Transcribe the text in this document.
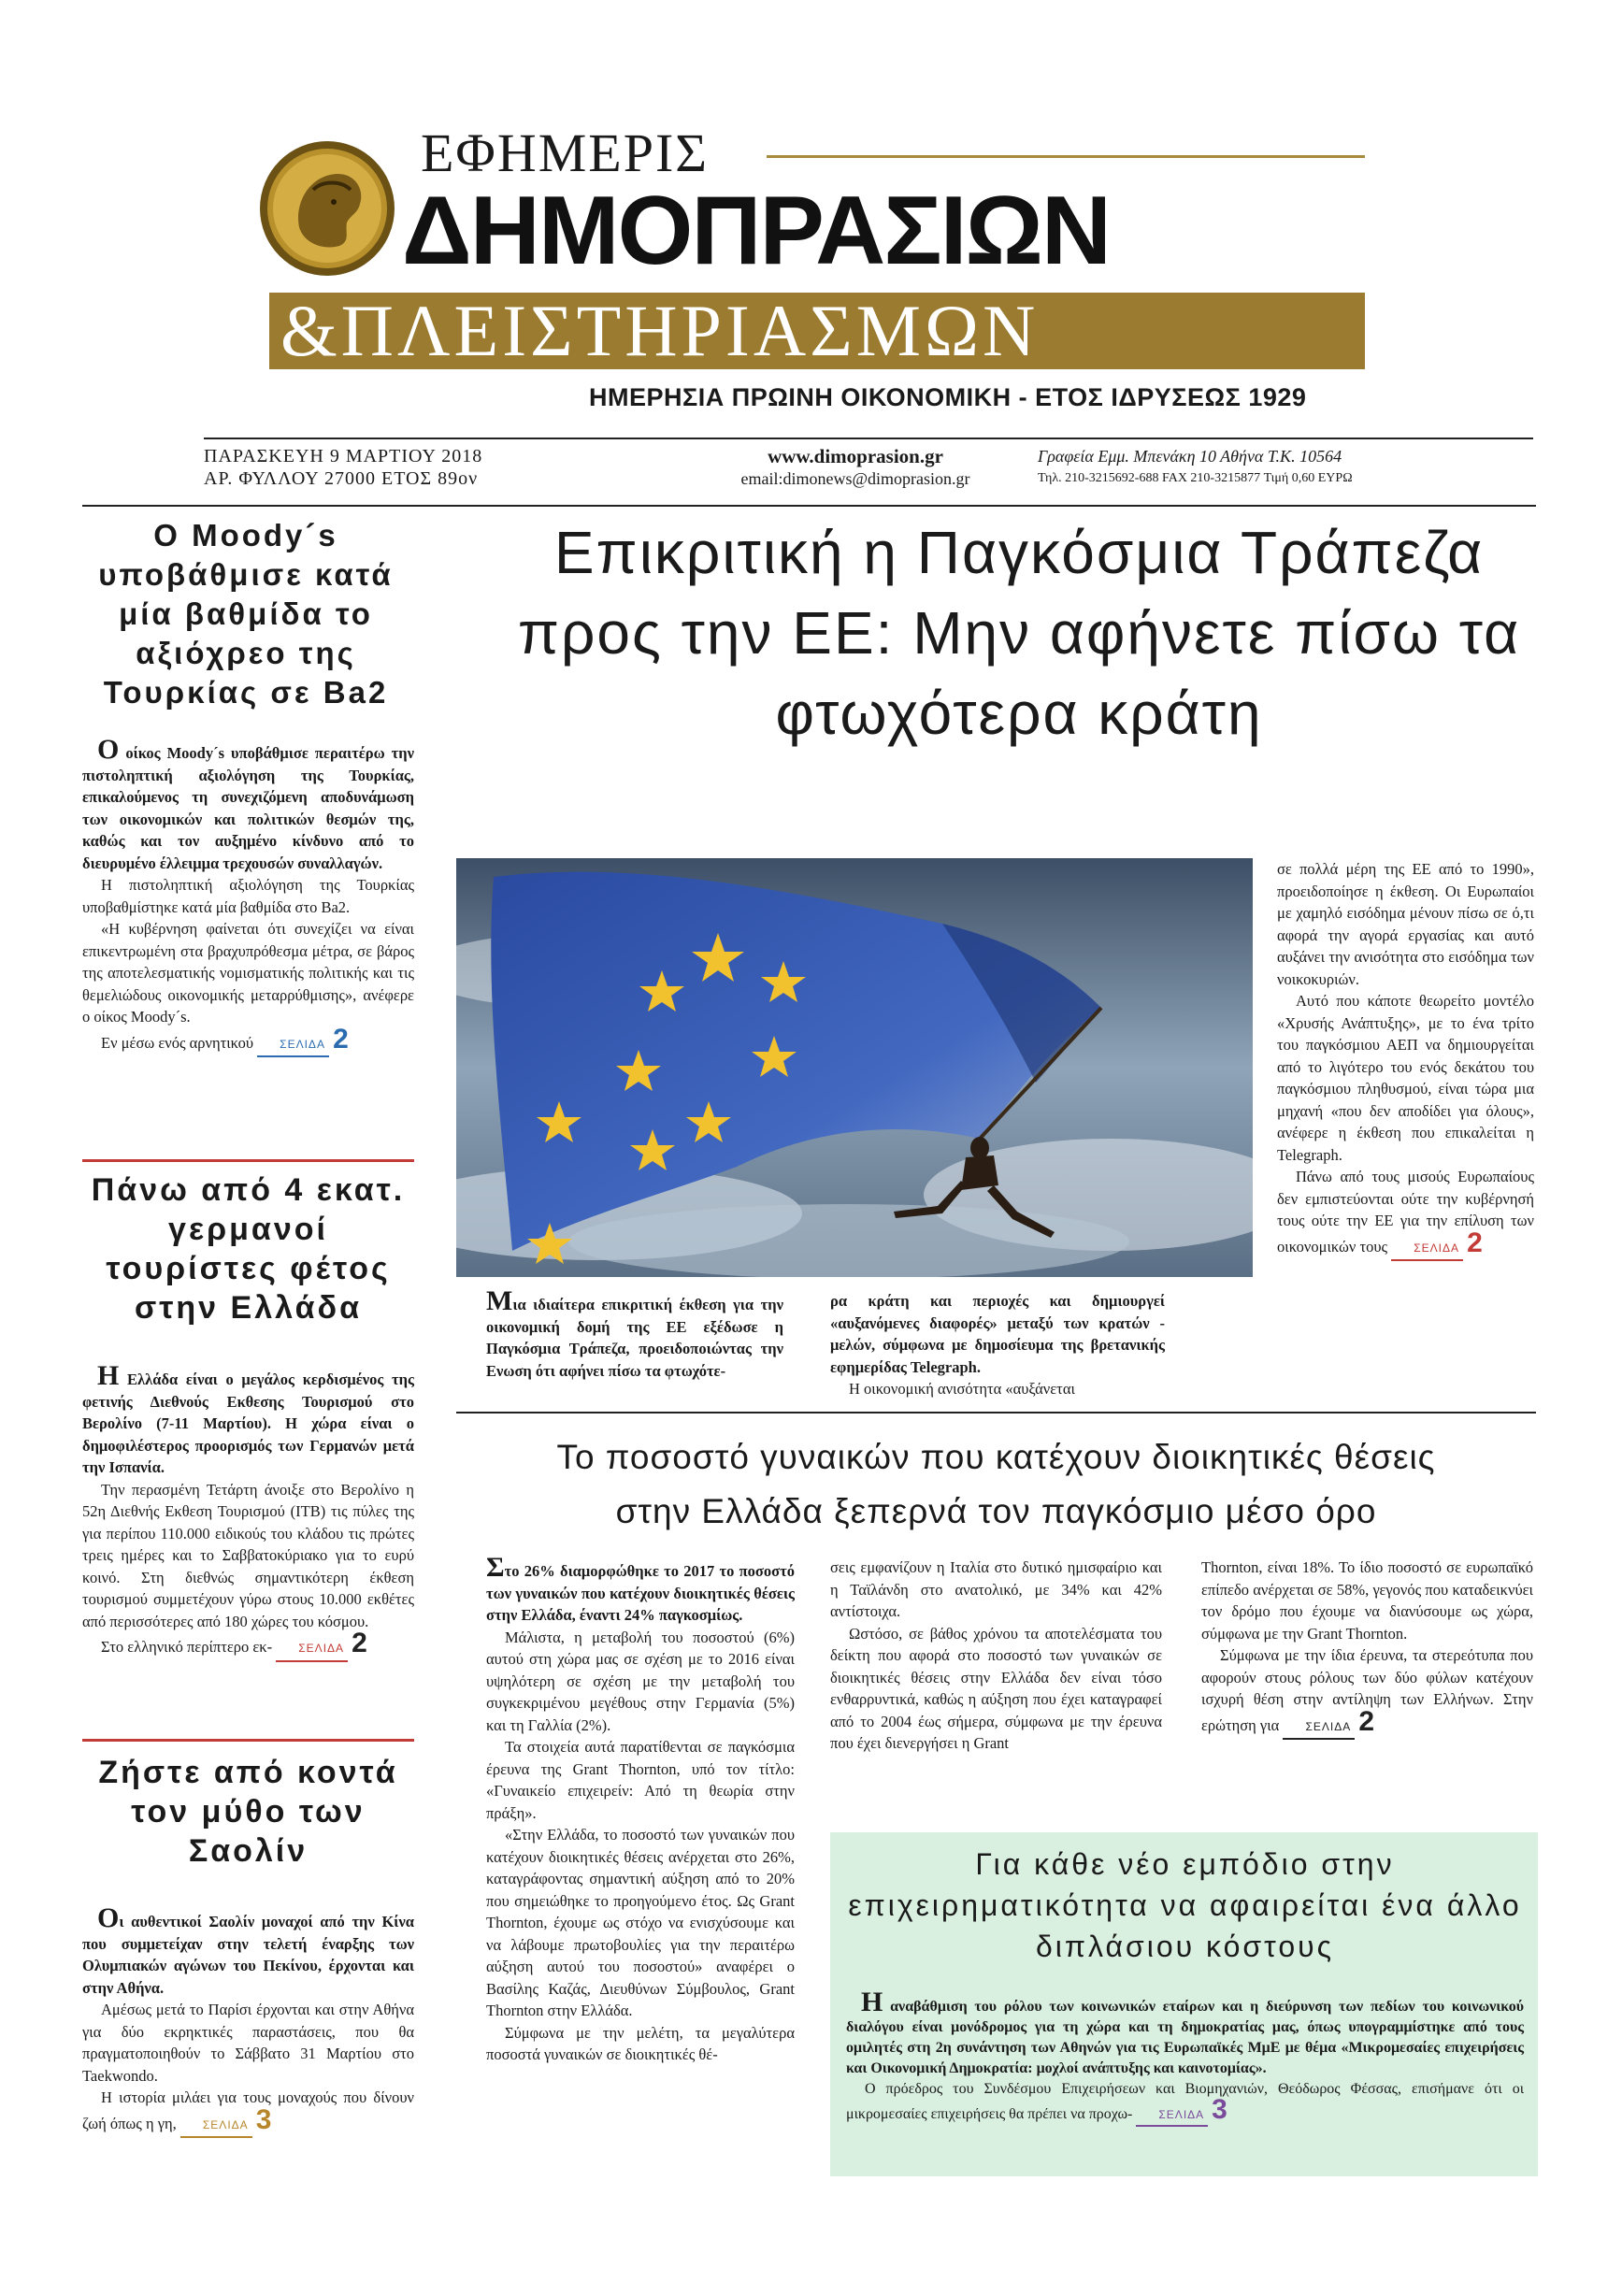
ΕΦΗΜΕΡΙΣ
ΔΗΜΟΠΡΑΣΙΩΝ
&ΠΛΕΙΣΤΗΡΙΑΣΜΩΝ
ΗΜΕΡΗΣΙΑ ΠΡΩΙΝΗ ΟΙΚΟΝΟΜΙΚΗ - ΕΤΟΣ ΙΔΡΥΣΕΩΣ 1929
ΠΑΡΑΣΚΕΥΗ 9 ΜΑΡΤΙΟΥ 2018
ΑΡ. ΦΥΛΛΟΥ 27000 ΕΤΟΣ 89ον
www.dimoprasion.gr
email:dimonews@dimoprasion.gr
Γραφεία Εμμ. Μπενάκη 10 Αθήνα Τ.Κ. 10564
Τηλ. 210-3215692-688 FAX 210-3215877 Τιμή 0,60 ΕΥΡΩ
Ο Moody´s υποβάθμισε κατά μία βαθμίδα το αξιόχρεο της Τουρκίας σε Ba2

Ο οίκος Moody´s υποβάθμισε περαιτέρω την πιστοληπτική αξιολόγηση της Τουρκίας, επικαλούμενος τη συνεχιζόμενη αποδυνάμωση των οικονομικών και πολιτικών θεσμών της, καθώς και τον αυξημένο κίνδυνο από το διευρυμένο έλλειμμα τρεχουσών συναλλαγών.

Η πιστοληπτική αξιολόγηση της Τουρκίας υποβαθμίστηκε κατά μία βαθμίδα στο Ba2.

«Η κυβέρνηση φαίνεται ότι συνεχίζει να είναι επικεντρωμένη στα βραχυπρόθεσμα μέτρα, σε βάρος της αποτελεσματικής νομισματικής πολιτικής και τις θεμελιώδους οικονομικής μεταρρύθμισης», ανέφερε ο οίκος Moody´s.

Εν μέσω ενός αρνητικού ΣΕΛΙΔΑ 2

Πάνω από 4 εκατ. γερμανοί τουρίστες φέτος στην Ελλάδα

Η Ελλάδα είναι ο μεγάλος κερδισμένος της φετινής Διεθνούς Εκθεσης Τουρισμού στο Βερολίνο (7-11 Μαρτίου). Η χώρα είναι ο δημοφιλέστερος προορισμός των Γερμανών μετά την Ισπανία.

Την περασμένη Τετάρτη άνοιξε στο Βερολίνο η 52η Διεθνής Εκθεση Τουρισμού (ΙΤΒ) τις πύλες της για περίπου 110.000 ειδικούς του κλάδου τις πρώτες τρεις ημέρες και το Σαββατοκύριακο για το ευρύ κοινό. Στη διεθνώς σημαντικότερη έκθεση τουρισμού συμμετέχουν γύρω στους 10.000 εκθέτες από περισσότερες από 180 χώρες του κόσμου.

Στο ελληνικό περίπτερο εκ- ΣΕΛΙΔΑ 2

Ζήστε από κοντά τον μύθο των Σαολίν

Οι αυθεντικοί Σαολίν μοναχοί από την Κίνα που συμμετείχαν στην τελετή έναρξης των Ολυμπιακών αγώνων του Πεκίνου, έρχονται και στην Αθήνα.

Αμέσως μετά το Παρίσι έρχονται και στην Αθήνα για δύο εκρηκτικές παραστάσεις, που θα πραγματοποιηθούν το Σάββατο 31 Μαρτίου στο Taekwondo.

Η ιστορία μιλάει για τους μοναχούς που δίνουν ζωή όπως η γη, ΣΕΛΙΔΑ 3

Επικριτική η Παγκόσμια Τράπεζα προς την ΕΕ: Μην αφήνετε πίσω τα φτωχότερα κράτη

Μια ιδιαίτερα επικριτική έκθεση για την οικονομική δομή της ΕΕ εξέδωσε η Παγκόσμια Τράπεζα, προειδοποιώντας την Ενωση ότι αφήνει πίσω τα φτωχότε-

ρα κράτη και περιοχές και δημιουργεί «αυξανόμενες διαφορές» μεταξύ των κρατών - μελών, σύμφωνα με δημοσίευμα της βρετανικής εφημερίδας Telegraph.

Η οικονομική ανισότητα «αυξάνεται

σε πολλά μέρη της ΕΕ από το 1990», προειδοποίησε η έκθεση. Οι Ευρωπαίοι με χαμηλό εισόδημα μένουν πίσω σε ό,τι αφορά την αγορά εργασίας και αυτό αυξάνει την ανισότητα στο εισόδημα των νοικοκυριών.

Αυτό που κάποτε θεωρείτο μοντέλο «Χρυσής Ανάπτυξης», με το ένα τρίτο του παγκόσμιου ΑΕΠ να δημιουργείται από το λιγότερο του ενός δεκάτου του παγκόσμιου πληθυσμού, είναι τώρα μια μηχανή «που δεν αποδίδει για όλους», ανέφερε η έκθεση που επικαλείται η Telegraph.

Πάνω από τους μισούς Ευρωπαίους δεν εμπιστεύονται ούτε την κυβέρνησή τους ούτε την ΕΕ για την επίλυση των οικονομικών τους ΣΕΛΙΔΑ 2

Το ποσοστό γυναικών που κατέχουν διοικητικές θέσεις
στην Ελλάδα ξεπερνά τον παγκόσμιο μέσο όρο

Στο 26% διαμορφώθηκε το 2017 το ποσοστό των γυναικών που κατέχουν διοικητικές θέσεις στην Ελλάδα, έναντι 24% παγκοσμίως.

Μάλιστα, η μεταβολή του ποσοστού (6%) αυτού στη χώρα μας σε σχέση με το 2016 είναι υψηλότερη σε σχέση με την μεταβολή του συγκεκριμένου μεγέθους στην Γερμανία (5%) και τη Γαλλία (2%).

Τα στοιχεία αυτά παρατίθενται σε παγκόσμια έρευνα της Grant Thornton, υπό τον τίτλο: «Γυναικείο επιχειρείν: Από τη θεωρία στην πράξη».

«Στην Ελλάδα, το ποσοστό των γυναικών που κατέχουν διοικητικές θέσεις ανέρχεται στο 26%, καταγράφοντας σημαντική αύξηση από το 20% που σημειώθηκε το προηγούμενο έτος. Ως Grant Thornton, έχουμε ως στόχο να ενισχύσουμε και να λάβουμε πρωτοβουλίες για την περαιτέρω αύξηση αυτού του ποσοστού» αναφέρει ο Βασίλης Καζάς, Διευθύνων Σύμβουλος, Grant Thornton στην Ελλάδα.

Σύμφωνα με την μελέτη, τα μεγαλύτερα ποσοστά γυναικών σε διοικητικές θέ-

σεις εμφανίζουν η Ιταλία στο δυτικό ημισφαίριο και η Ταϊλάνδη στο ανατολικό, με 34% και 42% αντίστοιχα.

Ωστόσο, σε βάθος χρόνου τα αποτελέσματα του δείκτη που αφορά στο ποσοστό των γυναικών σε διοικητικές θέσεις στην Ελλάδα δεν είναι τόσο ενθαρρυντικά, καθώς η αύξηση που έχει καταγραφεί από το 2004 έως σήμερα, σύμφωνα με την έρευνα που έχει διενεργήσει η Grant

Thornton, είναι 18%. Το ίδιο ποσοστό σε ευρωπαϊκό επίπεδο ανέρχεται σε 58%, γεγονός που καταδεικνύει τον δρόμο που έχουμε να διανύσουμε ως χώρα, σύμφωνα με την Grant Thornton.

Σύμφωνα με την ίδια έρευνα, τα στερεότυπα που αφορούν στους ρόλους των δύο φύλων κατέχουν ισχυρή θέση στην αντίληψη των Ελλήνων. Στην ερώτηση για ΣΕΛΙΔΑ 2

Για κάθε νέο εμπόδιο στην επιχειρηματικότητα να αφαιρείται ένα άλλο διπλάσιου κόστους

Η αναβάθμιση του ρόλου των κοινωνικών εταίρων και η διεύρυνση των πεδίων του κοινωνικού διαλόγου είναι μονόδρομος για τη χώρα και τη δημοκρατίας μας, όπως υπογραμμίστηκε από τους ομιλητές στη 2η συνάντηση των Αθηνών για τις Ευρωπαϊκές ΜμΕ με θέμα «Μικρομεσαίες επιχειρήσεις και Οικονομική Δημοκρατία: μοχλοί ανάπτυξης και καινοτομίας».

Ο πρόεδρος του Συνδέσμου Επιχειρήσεων και Βιομηχανιών, Θεόδωρος Φέσσας, επισήμανε ότι οι μικρομεσαίες επιχειρήσεις θα πρέπει να προχω- ΣΕΛΙΔΑ 3
